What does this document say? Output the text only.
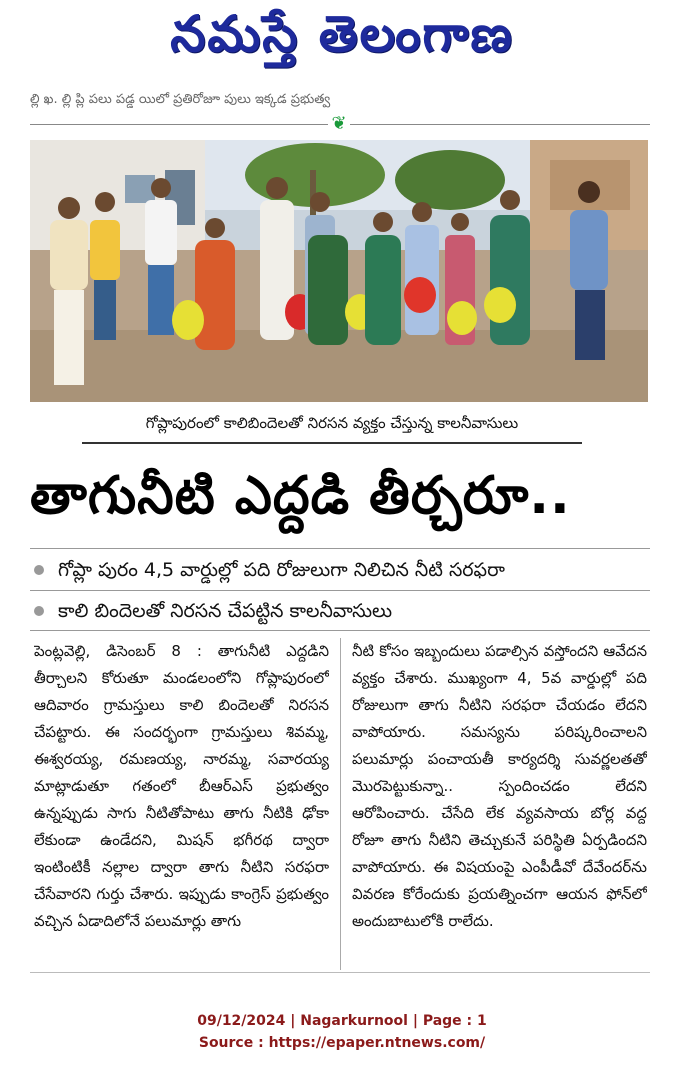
నమస్తే తెలంగాణ
ల్లి ఖ. ల్లి ప్లి పలు పడ్డ యిలో ప్రతిరోజూ పులు ఇక్కడ ప్రభుత్వ
❦
గోప్లాపురంలో కాలిబిందెలతో నిరసన వ్యక్తం చేస్తున్న కాలనీవాసులు
తాగునీటి ఎద్దడి తీర్చరూ..
గోప్లా పురం 4,5 వార్డుల్లో పది రోజులుగా నిలిచిన నీటి సరఫరా
కాలి బిందెలతో నిరసన చేపట్టిన కాలనీవాసులు
పెంట్లవెల్లి, డిసెంబర్ 8 : తాగునీటి ఎద్దడిని తీర్చాలని కోరుతూ మండలంలోని గోప్లాపురంలో ఆదివారం గ్రామస్తులు కాలి బిందెలతో నిరసన చేపట్టారు. ఈ సందర్భంగా గ్రామస్తులు శివమ్మ, ఈశ్వరయ్య, రమణయ్య, నారమ్మ, సవారయ్య మాట్లాడుతూ గతంలో బీఆర్ఎస్ ప్రభుత్వం ఉన్నప్పుడు సాగు నీటితోపాటు తాగు నీటికి ఢోకా లేకుండా ఉండేదని, మిషన్ భగీరథ ద్వారా ఇంటింటికీ నల్లాల ద్వారా తాగు నీటిని సరఫరా చేసేవారని గుర్తు చేశారు. ఇప్పుడు కాంగ్రెస్ ప్రభుత్వం వచ్చిన ఏడాదిలోనే పలుమార్లు తాగు
నీటి కోసం ఇబ్బందులు పడాల్సిన వస్తోందని ఆవేదన వ్యక్తం చేశారు. ముఖ్యంగా 4, 5వ వార్డుల్లో పది రోజులుగా తాగు నీటిని సరఫరా చేయడం లేదని వాపోయారు. సమస్యను పరిష్కరించాలని పలుమార్లు పంచాయతీ కార్యదర్శి సువర్ణలతతో మొరపెట్టుకున్నా.. స్పందించడం లేదని ఆరోపించారు. చేసేది లేక వ్యవసాయ బోర్ల వద్ద రోజూ తాగు నీటిని తెచ్చుకునే పరిస్థితి ఏర్పడిందని వాపోయారు. ఈ విషయంపై ఎంపీడీవో దేవేందర్‌ను వివరణ కోరేందుకు ప్రయత్నించగా ఆయన ఫోన్‌లో అందుబాటులోకి రాలేదు.
09/12/2024 | Nagarkurnool | Page : 1
Source : https://epaper.ntnews.com/
